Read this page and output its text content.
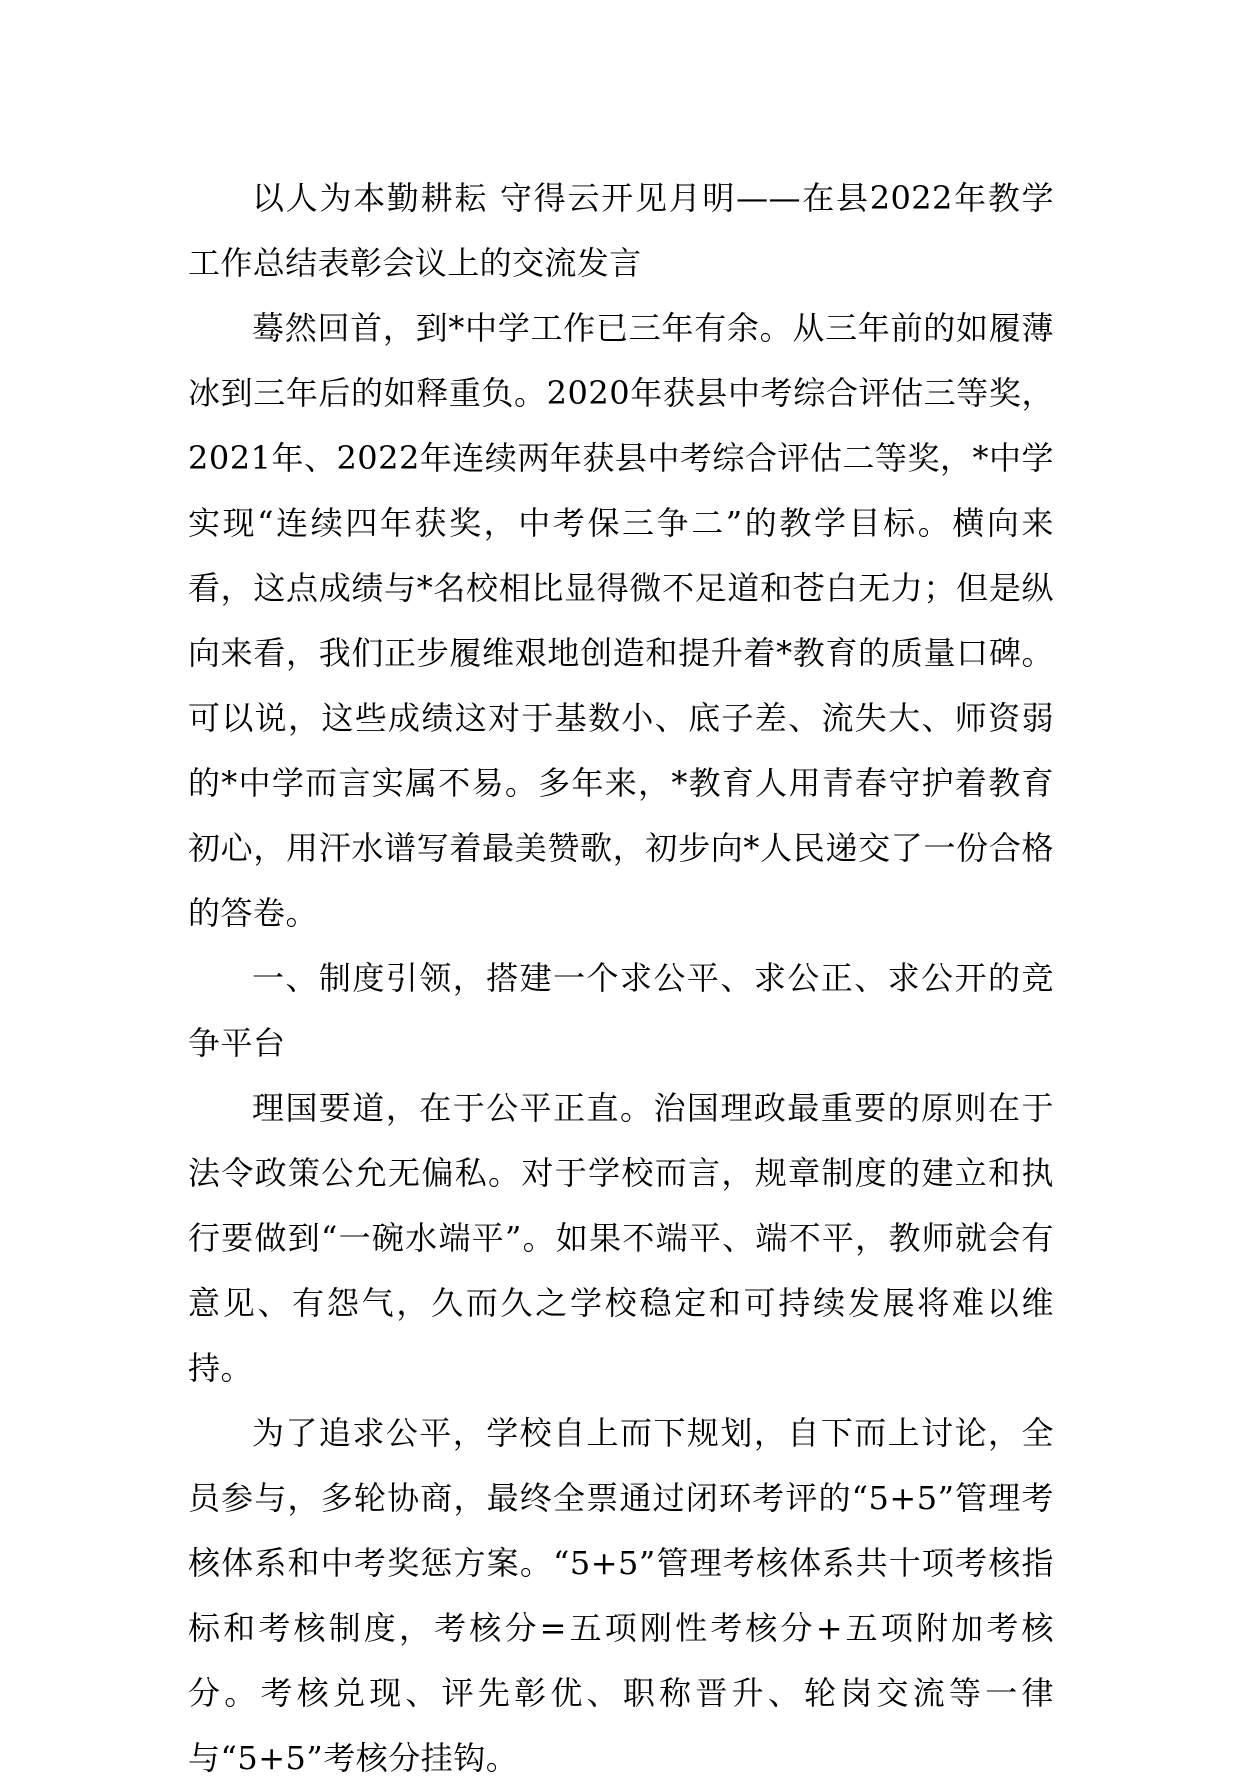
以人为本勤耕耘 守得云开见月明——在县2022年教学工作总结表彰会议上的交流发言

蓦然回首，到*中学工作已三年有余。从三年前的如履薄冰到三年后的如释重负。2020年获县中考综合评估三等奖，2021年、2022年连续两年获县中考综合评估二等奖，*中学实现“连续四年获奖，中考保三争二”的教学目标。横向来看，这点成绩与*名校相比显得微不足道和苍白无力；但是纵向来看，我们正步履维艰地创造和提升着*教育的质量口碑。可以说，这些成绩这对于基数小、底子差、流失大、师资弱的*中学而言实属不易。多年来，*教育人用青春守护着教育初心，用汗水谱写着最美赞歌，初步向*人民递交了一份合格的答卷。

一、制度引领，搭建一个求公平、求公正、求公开的竞争平台

理国要道，在于公平正直。治国理政最重要的原则在于法令政策公允无偏私。对于学校而言，规章制度的建立和执行要做到“一碗水端平”。如果不端平、端不平，教师就会有意见、有怨气，久而久之学校稳定和可持续发展将难以维持。

为了追求公平，学校自上而下规划，自下而上讨论，全员参与，多轮协商，最终全票通过闭环考评的“5+5”管理考核体系和中考奖惩方案。“5+5”管理考核体系共十项考核指标和考核制度，考核分=五项刚性考核分+五项附加考核分。考核兑现、评先彰优、职称晋升、轮岗交流等一律与“5+5”考核分挂钩。
